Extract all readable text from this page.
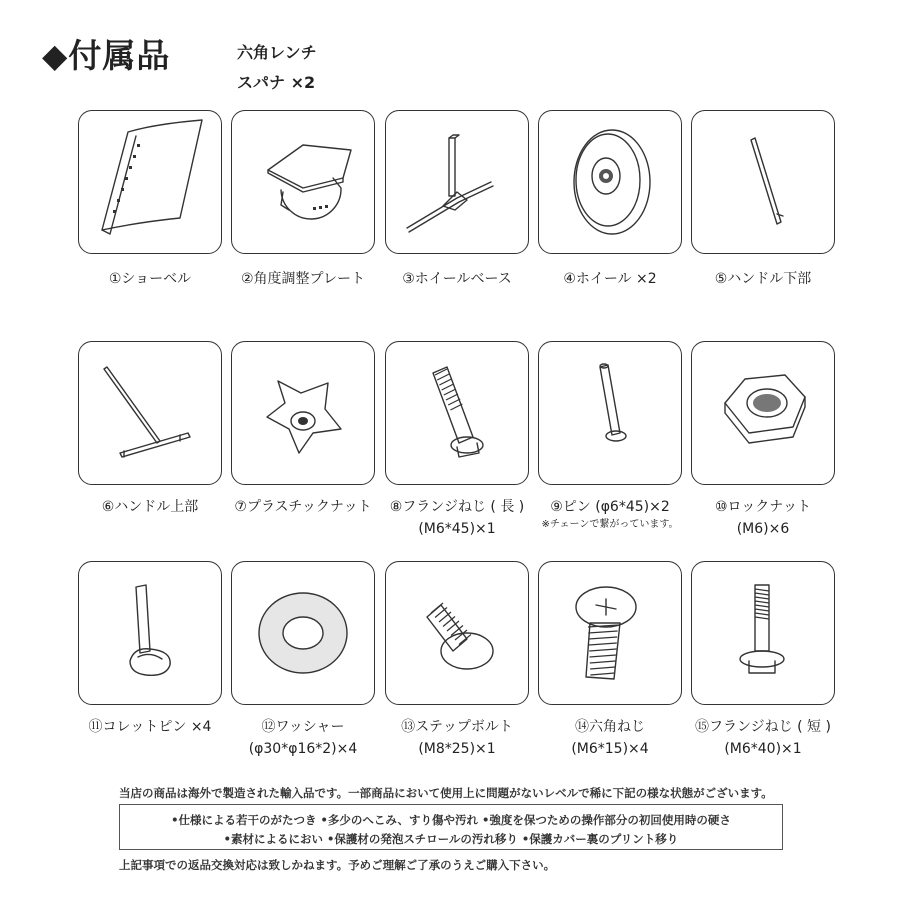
◆付属品	六角レンチ
スパナ ×2
①ショーベル	②角度調整プレート	③ホイールベース	④ホイール ×2	⑤ハンドル下部
⑥ハンドル上部	⑦プラスチックナット	⑧フランジねじ ( 長 )
(M6*45)×1
⑨ピン (φ6*45)×2
※チェーンで繋がっています。
⑩ロックナット
(M6)×6
⑪コレットピン ×4	⑫ワッシャー
(φ30*φ16*2)×4
⑬ステップボルト
(M8*25)×1
⑭六角ねじ
(M6*15)×4
⑮フランジねじ ( 短 )
(M6*40)×1
当店の商品は海外で製造された輸入品です。一部商品において使用上に問題がないレベルで稀に下記の様な状態がございます。
•仕様による若干のがたつき •多少のへこみ、すり傷や汚れ •強度を保つための操作部分の初回使用時の硬さ
•素材によるにおい •保護材の発泡スチロールの汚れ移り •保護カバー裏のプリント移り
上記事項での返品交換対応は致しかねます。予めご理解ご了承のうえご購入下さい。
